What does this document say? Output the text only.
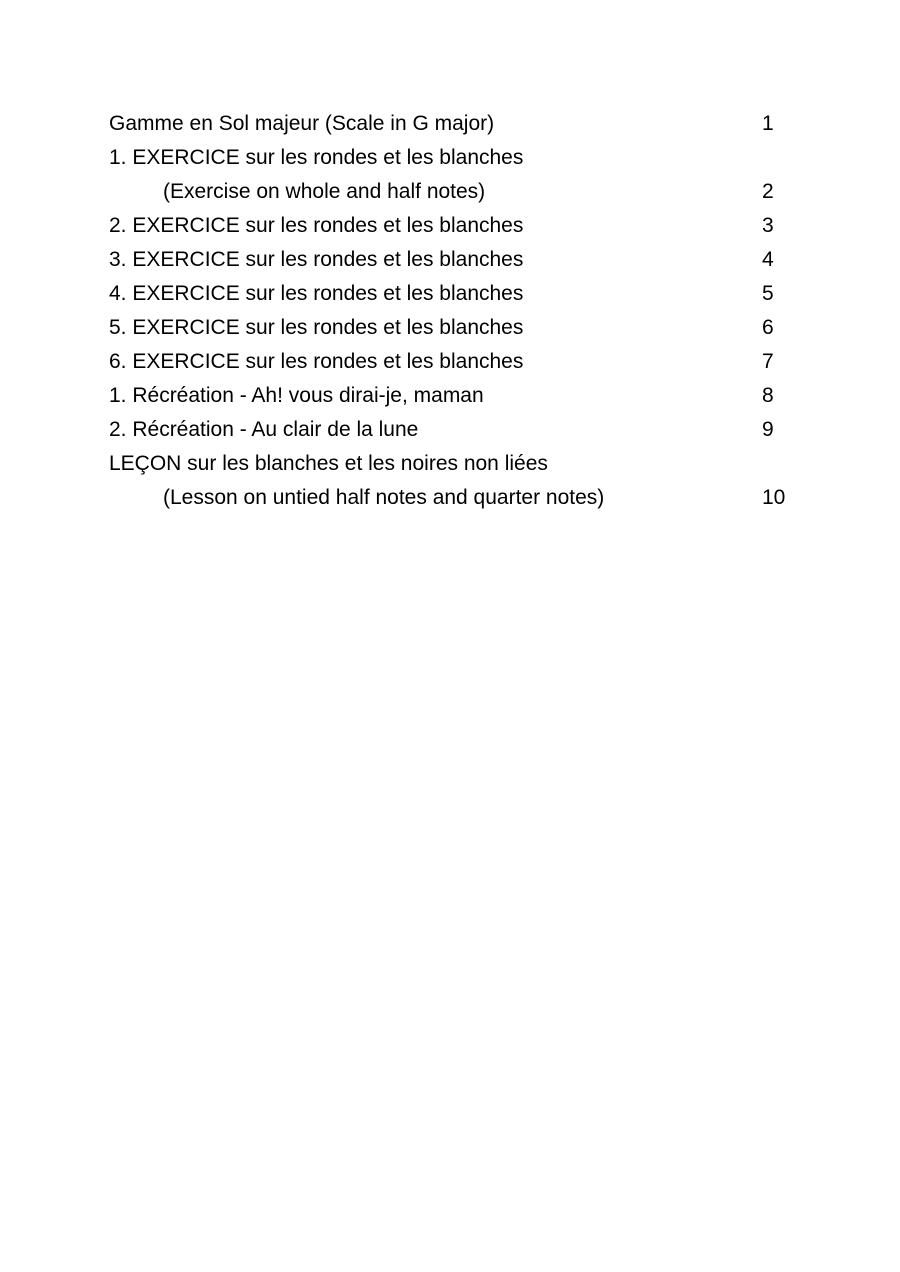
Gamme en Sol majeur (Scale in G major)	1
1. EXERCICE sur les rondes et les blanches
(Exercise on whole and half notes)	2
2. EXERCICE sur les rondes et les blanches	3
3. EXERCICE sur les rondes et les blanches	4
4. EXERCICE sur les rondes et les blanches	5
5. EXERCICE sur les rondes et les blanches	6
6. EXERCICE sur les rondes et les blanches	7
1. Récréation - Ah! vous dirai-je, maman	8
2. Récréation - Au clair de la lune	9
LEÇON sur les blanches et les noires non liées
(Lesson on untied half notes and quarter notes)	10
